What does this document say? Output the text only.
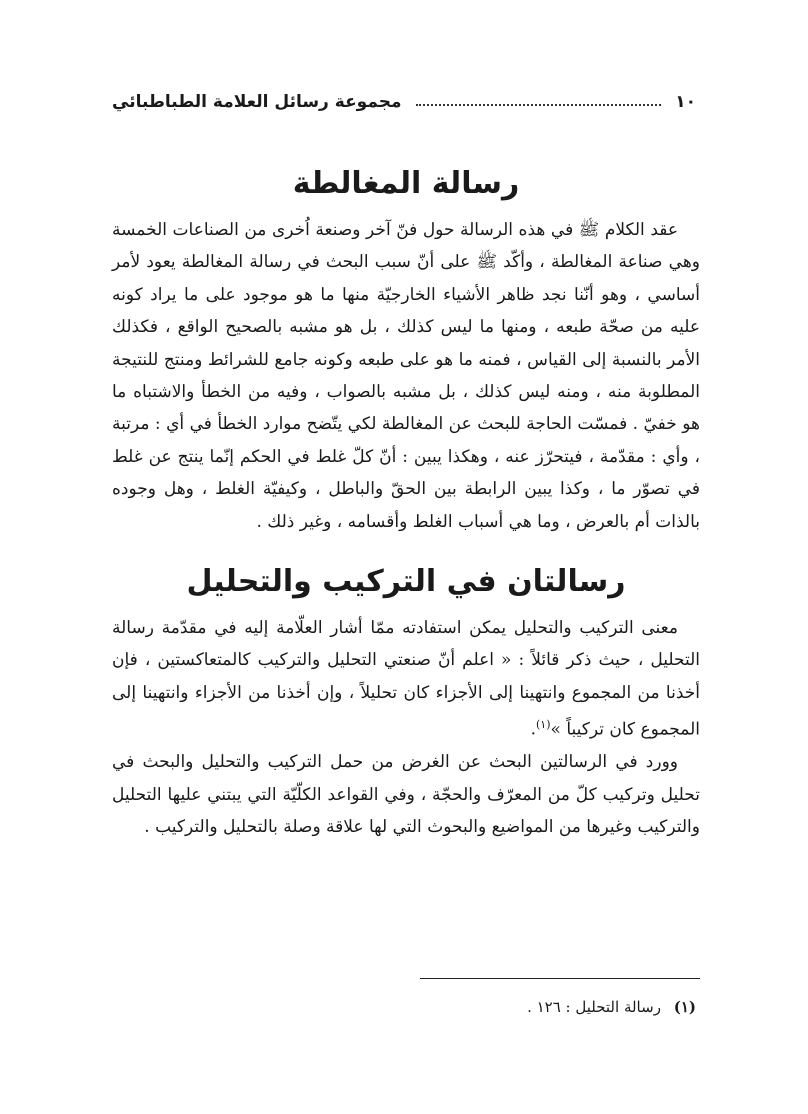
١٠
مجموعة رسائل العلامة الطباطبائي
رسالة المغالطة

عقد الكلام ﷺ في هذه الرسالة حول فنّ آخر وصنعة اُخرى من الصناعات الخمسة وهي صناعة المغالطة ، وأكّد ﷺ على أنّ سبب البحث في رسالة المغالطة يعود لأمر أساسي ، وهو أنّنا نجد ظاهر الأشياء الخارجيّة منها ما هو موجود على ما يراد كونه عليه من صحّة طبعه ، ومنها ما ليس كذلك ، بل هو مشبه بالصحيح الواقع ، فكذلك الأمر بالنسبة إلى القياس ، فمنه ما هو على طبعه وكونه جامع للشرائط ومنتج للنتيجة المطلوبة منه ، ومنه ليس كذلك ، بل مشبه بالصواب ، وفيه من الخطأ والاشتباه ما هو خفيّ . فمسّت الحاجة للبحث عن المغالطة لكي يتّضح موارد الخطأ في أي : مرتبة ، وأي : مقدّمة ، فيتحرّز عنه ، وهكذا يبين : أنّ كلّ غلط في الحكم إنّما ينتج عن غلط في تصوّر ما ، وكذا يبين الرابطة بين الحقّ والباطل ، وكيفيّة الغلط ، وهل وجوده بالذات أم بالعرض ، وما هي أسباب الغلط وأقسامه ، وغير ذلك .

رسالتان في التركيب والتحليل

معنى التركيب والتحليل يمكن استفادته ممّا أشار العلّامة إليه في مقدّمة رسالة التحليل ، حيث ذكر قائلاً : « اعلم أنّ صنعتي التحليل والتركيب كالمتعاكستين ، فإن أخذنا من المجموع وانتهينا إلى الأجزاء كان تحليلاً ، وإن أخذنا من الأجزاء وانتهينا إلى المجموع كان تركيباً »$^{(١)}$.

وورد في الرسالتين البحث عن الغرض من حمل التركيب والتحليل والبحث في تحليل وتركيب كلّ من المعرّف والحجّة ، وفي القواعد الكلّيّة التي يبتني عليها التحليل والتركيب وغيرها من المواضيع والبحوث التي لها علاقة وصلة بالتحليل والتركيب .

(١) رسالة التحليل : ١٢٦ .
